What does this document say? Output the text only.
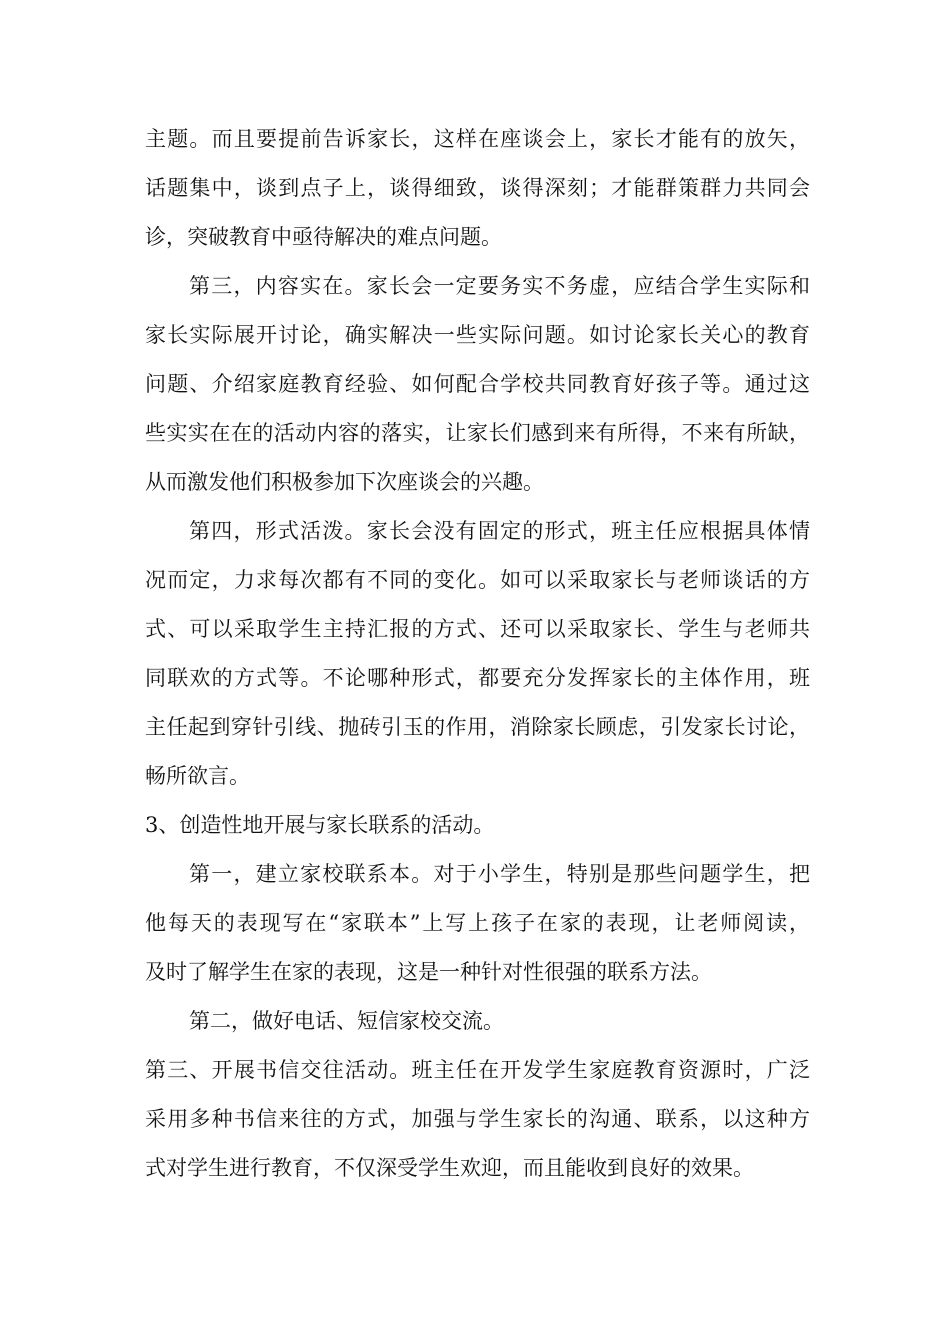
主题。而且要提前告诉家长，这样在座谈会上，家长才能有的放矢，
话题集中，谈到点子上，谈得细致，谈得深刻；才能群策群力共同会
诊，突破教育中亟待解决的难点问题。
第三，内容实在。家长会一定要务实不务虚，应结合学生实际和
家长实际展开讨论，确实解决一些实际问题。如讨论家长关心的教育
问题、介绍家庭教育经验、如何配合学校共同教育好孩子等。通过这
些实实在在的活动内容的落实，让家长们感到来有所得，不来有所缺，
从而激发他们积极参加下次座谈会的兴趣。
第四，形式活泼。家长会没有固定的形式，班主任应根据具体情
况而定，力求每次都有不同的变化。如可以采取家长与老师谈话的方
式、可以采取学生主持汇报的方式、还可以采取家长、学生与老师共
同联欢的方式等。不论哪种形式，都要充分发挥家长的主体作用，班
主任起到穿针引线、抛砖引玉的作用，消除家长顾虑，引发家长讨论，
畅所欲言。
3、创造性地开展与家长联系的活动。
第一，建立家校联系本。对于小学生，特别是那些问题学生，把
他每天的表现写在“家联本”上写上孩子在家的表现，让老师阅读，
及时了解学生在家的表现，这是一种针对性很强的联系方法。
第二，做好电话、短信家校交流。
第三、开展书信交往活动。班主任在开发学生家庭教育资源时，广泛
采用多种书信来往的方式，加强与学生家长的沟通、联系，以这种方
式对学生进行教育，不仅深受学生欢迎，而且能收到良好的效果。
